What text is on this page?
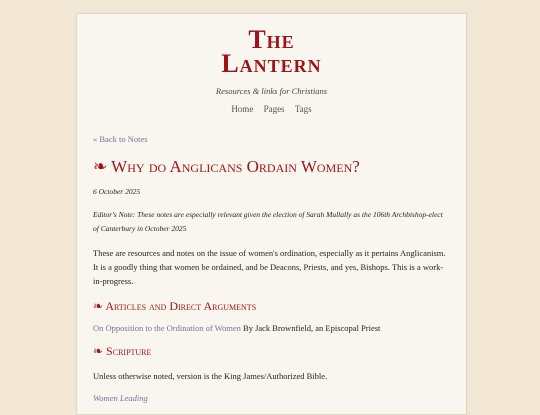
The
Lantern
Resources & links for Christians
Home Pages Tags
« Back to Notes
❧ Why do Anglicans Ordain Women?
6 October 2025

Editor's Note: These notes are especially relevant given the election of Sarah Mullally as the 106th Archbishop-elect of Canterbury in October 2025

These are resources and notes on the issue of women's ordination, especially as it pertains Anglicanism. It is a goodly thing that women be ordained, and be Deacons, Priests, and yes, Bishops. This is a work-in-progress.

❧ Articles and Direct Arguments
On Opposition to the Ordination of Women By Jack Brownfield, an Episcopal Priest
❧ Scripture
Unless otherwise noted, version is the King James/Authorized Bible.
Women Leading
